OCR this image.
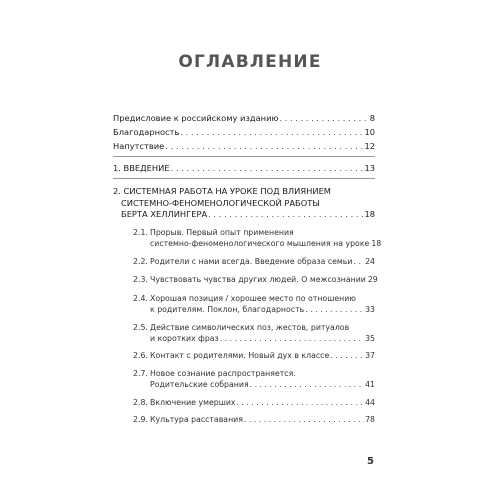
ОГЛАВЛЕНИЕ
Предисловие к российскому изданию . . .	8
Благодарность . . .	10
Напутствие . . .	12
1. ВВЕДЕНИЕ . . .	13
2. СИСТЕМНАЯ РАБОТА НА УРОКЕ ПОД ВЛИЯНИЕМ
СИСТЕМНО-ФЕНОМЕНОЛОГИЧЕСКОЙ РАБОТЫ
БЕРТА ХЕЛЛИНГЕРА . . .	18
2.1. Прорыв. Первый опыт применения
системно-феноменологического мышления на уроке 18
2.2. Родители с нами всегда. Введение образа семьи . . . 24
2.3. Чувствовать чувства других людей. О межсознании 29
2.4. Хорошая позиция / хорошее место по отношению
к родителям. Поклон, благодарность . . .	33
2.5. Действие символических поз, жестов, ритуалов
и коротких фраз . . .	35
2.6. Контакт с родителями. Новый дух в классе . . .	37
2.7. Новое сознание распространяется.
Родительские собрания . . .	41
2.8. Включение умерших . . .	44
2.9. Культура расставания . . .	78
5
